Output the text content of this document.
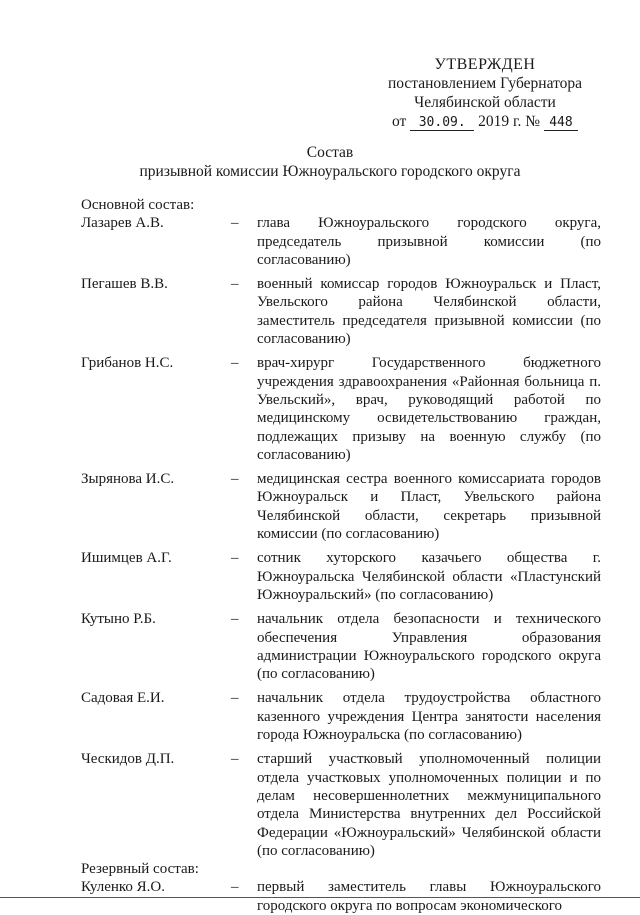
УТВЕРЖДЕН
постановлением Губернатора
Челябинской области
от 30.09. 2019 г. № 448
Состав
призывной комиссии Южноуральского городского округа
Основной состав:
Лазарев А.В.	–	глава Южноуральского городского округа, председатель призывной комиссии (по согласованию)
Пегашев В.В.	–	военный комиссар городов Южноуральск и Пласт, Увельского района Челябинской области, заместитель председателя призывной комиссии (по согласованию)
Грибанов Н.С.	–	врач-хирург Государственного бюджетного учреждения здравоохранения «Районная больница п. Увельский», врач, руководящий работой по медицинскому освидетельствованию граждан, подлежащих призыву на военную службу (по согласованию)
Зырянова И.С.	–	медицинская сестра военного комиссариата городов Южноуральск и Пласт, Увельского района Челябинской области, секретарь призывной комиссии (по согласованию)
Ишимцев А.Г.	–	сотник хуторского казачьего общества г. Южноуральска Челябинской области «Пластунский Южноуральский» (по согласованию)
Кутыно Р.Б.	–	начальник отдела безопасности и технического обеспечения Управления образования администрации Южноуральского городского округа (по согласованию)
Садовая Е.И.	–	начальник отдела трудоустройства областного казенного учреждения Центра занятости населения города Южноуральска (по согласованию)
Ческидов Д.П.	–	старший участковый уполномоченный полиции отдела участковых уполномоченных полиции и по делам несовершеннолетних межмуниципального отдела Министерства внутренних дел Российской Федерации «Южноуральский» Челябинской области (по согласованию)
Резервный состав:
Куленко Я.О.	–	первый заместитель главы Южноуральского городского округа по вопросам экономического
